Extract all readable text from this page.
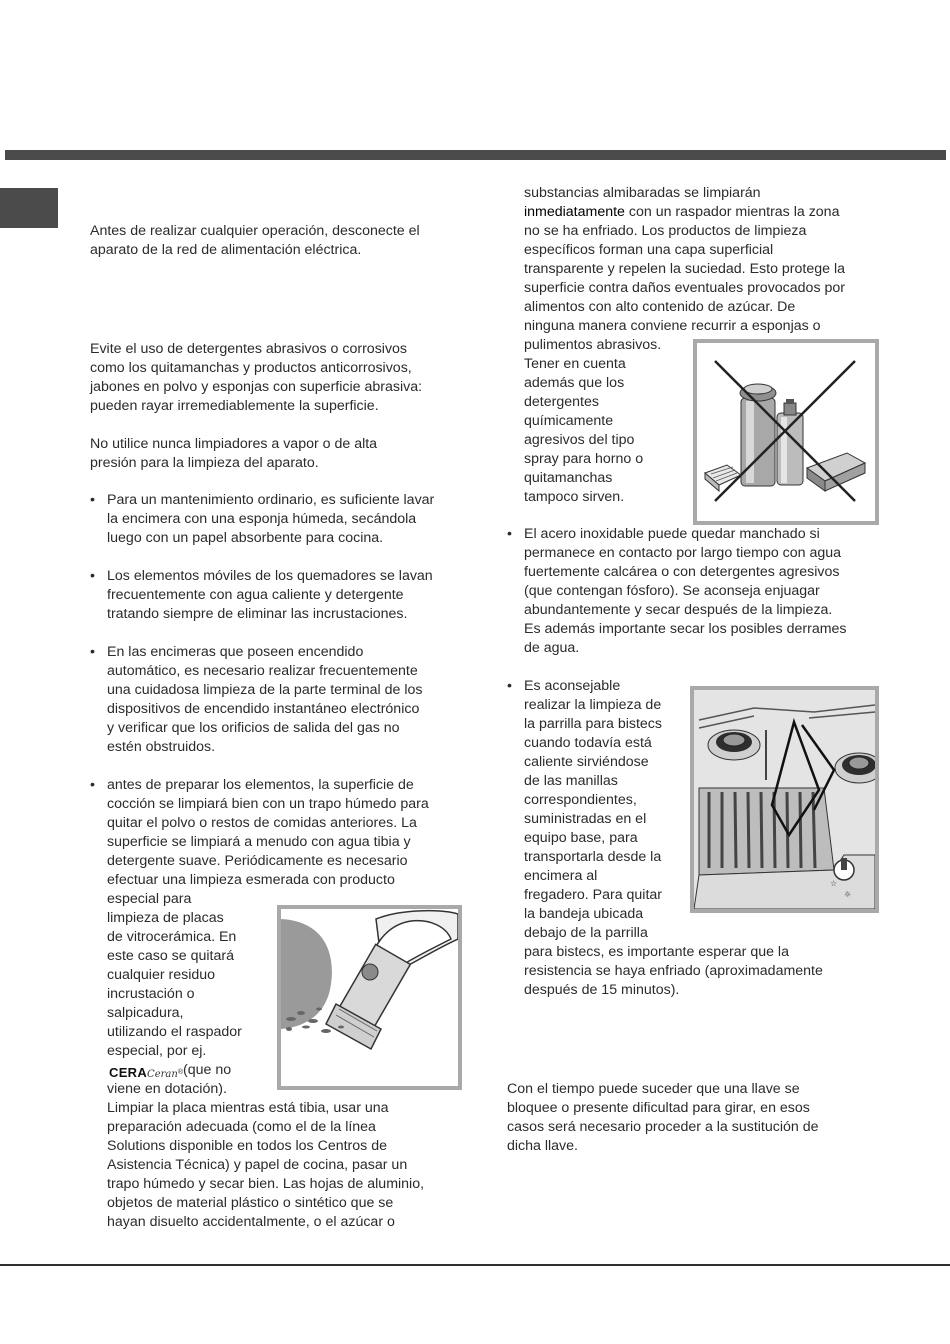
Antes de realizar cualquier operación, desconecte el

aparato de la red de alimentación eléctrica.

Evite el uso de detergentes abrasivos o corrosivos

como los quitamanchas y productos anticorrosivos,

jabones en polvo y esponjas con superficie abrasiva:

pueden rayar irremediablemente la superficie.

No utilice nunca limpiadores a vapor o de alta

presión para la limpieza del aparato.

• Para un mantenimiento ordinario, es suficiente lavar

la encimera con una esponja húmeda, secándola

luego con un papel absorbente para cocina.

• Los elementos móviles de los quemadores se lavan

frecuentemente con agua caliente y detergente

tratando siempre de eliminar las incrustaciones.

• En las encimeras que poseen encendido

automático, es necesario realizar frecuentemente

una cuidadosa limpieza de la parte terminal de los

dispositivos de encendido instantáneo electrónico

y verificar que los orificios de salida del gas no

estén obstruidos.

• antes de preparar los elementos, la superficie de

cocción se limpiará bien con un trapo húmedo para

quitar el polvo o restos de comidas anteriores. La

superficie se limpiará a menudo con agua tibia y

detergente suave. Periódicamente es necesario

efectuar una limpieza esmerada con producto

especial para

limpieza de placas

de vitrocerámica. En

este caso se quitará

cualquier residuo

incrustación o

salpicadura,

utilizando el raspador

especial, por ej.

CERACeran® (que no

viene en dotación).

Limpiar la placa mientras está tibia, usar una

preparación adecuada (como el de la línea

Solutions disponible en todos los Centros de

Asistencia Técnica) y papel de cocina, pasar un

trapo húmedo y secar bien. Las hojas de aluminio,

objetos de material plástico o sintético que se

hayan disuelto accidentalmente, o el azúcar o

substancias almibaradas se limpiarán

inmediatamente con un raspador mientras la zona

no se ha enfriado. Los productos de limpieza

específicos forman una capa superficial

transparente y repelen la suciedad. Esto protege la

superficie contra daños eventuales provocados por

alimentos con alto contenido de azúcar. De

ninguna manera conviene recurrir a esponjas o

pulimentos abrasivos.

Tener en cuenta

además que los

detergentes

químicamente

agresivos del tipo

spray para horno o

quitamanchas

tampoco sirven.

• El acero inoxidable puede quedar manchado si

permanece en contacto por largo tiempo con agua

fuertemente calcárea o con detergentes agresivos

(que contengan fósforo). Se aconseja enjuagar

abundantemente y secar después de la limpieza.

Es además importante secar los posibles derrames

de agua.

• Es aconsejable

realizar la limpieza de

la parrilla para bistecs

cuando todavía está

caliente sirviéndose

de las manillas

correspondientes,

suministradas en el

equipo base, para

transportarla desde la

encimera al

fregadero. Para quitar

la bandeja ubicada

debajo de la parrilla

para bistecs, es importante esperar que la

resistencia se haya enfriado (aproximadamente

después de 15 minutos).

☆
☼

Con el tiempo puede suceder que una llave se

bloquee o presente dificultad para girar, en esos

casos será necesario proceder a la sustitución de

dicha llave.
